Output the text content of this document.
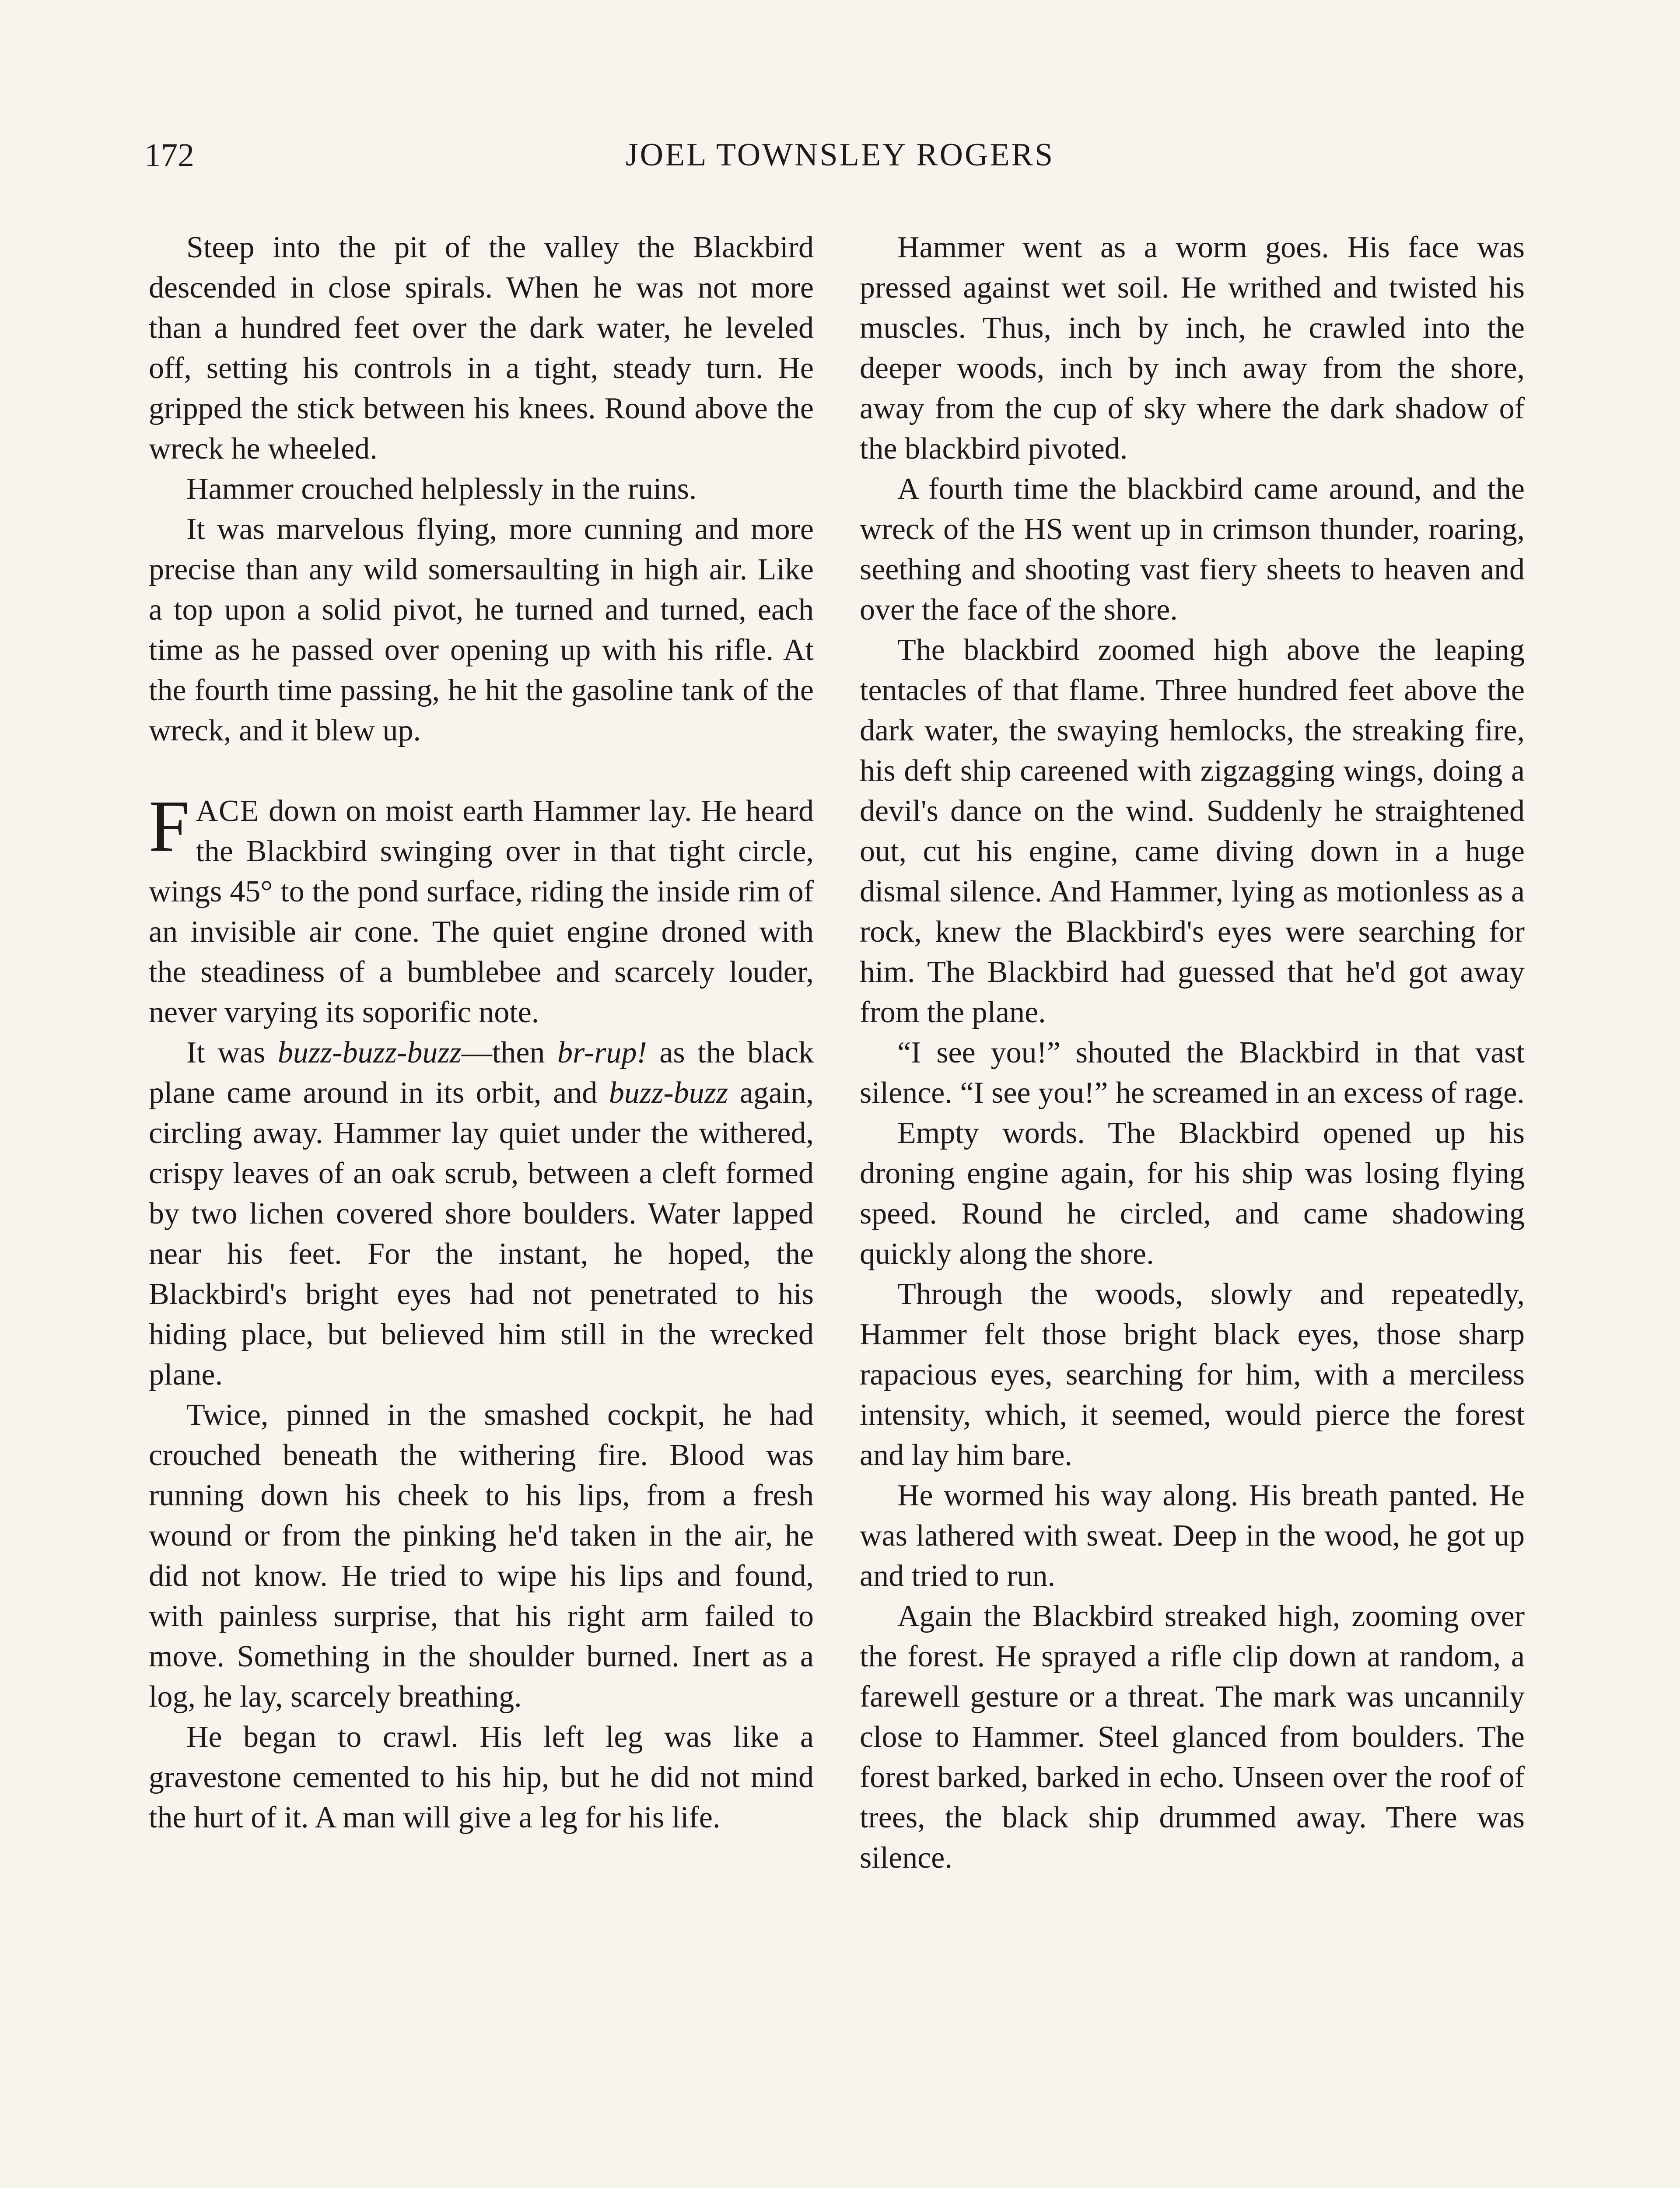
172	JOEL TOWNSLEY ROGERS

Steep into the pit of the valley the Blackbird descended in close spirals. When he was not more than a hundred feet over the dark water, he leveled off, setting his controls in a tight, steady turn. He gripped the stick between his knees. Round above the wreck he wheeled.

Hammer crouched helplessly in the ruins.

It was marvelous flying, more cunning and more precise than any wild somersaulting in high air. Like a top upon a solid pivot, he turned and turned, each time as he passed over opening up with his rifle. At the fourth time passing, he hit the gasoline tank of the wreck, and it blew up.

FACE down on moist earth Hammer lay. He heard the Blackbird swinging over in that tight circle, wings 45° to the pond surface, riding the inside rim of an invisible air cone. The quiet engine droned with the steadiness of a bumblebee and scarcely louder, never varying its soporific note.

It was buzz-buzz-buzz—then br-rup! as the black plane came around in its orbit, and buzz-buzz again, circling away. Hammer lay quiet under the withered, crispy leaves of an oak scrub, between a cleft formed by two lichen covered shore boulders. Water lapped near his feet. For the instant, he hoped, the Blackbird's bright eyes had not penetrated to his hiding place, but believed him still in the wrecked plane.

Twice, pinned in the smashed cockpit, he had crouched beneath the withering fire. Blood was running down his cheek to his lips, from a fresh wound or from the pinking he'd taken in the air, he did not know. He tried to wipe his lips and found, with painless surprise, that his right arm failed to move. Something in the shoulder burned. Inert as a log, he lay, scarcely breathing.

He began to crawl. His left leg was like a gravestone cemented to his hip, but he did not mind the hurt of it. A man will give a leg for his life.

Hammer went as a worm goes. His face was pressed against wet soil. He writhed and twisted his muscles. Thus, inch by inch, he crawled into the deeper woods, inch by inch away from the shore, away from the cup of sky where the dark shadow of the blackbird pivoted.

A fourth time the blackbird came around, and the wreck of the HS went up in crimson thunder, roaring, seething and shooting vast fiery sheets to heaven and over the face of the shore.

The blackbird zoomed high above the leaping tentacles of that flame. Three hundred feet above the dark water, the swaying hemlocks, the streaking fire, his deft ship careened with zigzagging wings, doing a devil's dance on the wind. Suddenly he straightened out, cut his engine, came diving down in a huge dismal silence. And Hammer, lying as motionless as a rock, knew the Blackbird's eyes were searching for him. The Blackbird had guessed that he'd got away from the plane.

“I see you!” shouted the Blackbird in that vast silence. “I see you!” he screamed in an excess of rage.

Empty words. The Blackbird opened up his droning engine again, for his ship was losing flying speed. Round he circled, and came shadowing quickly along the shore.

Through the woods, slowly and repeatedly, Hammer felt those bright black eyes, those sharp rapacious eyes, searching for him, with a merciless intensity, which, it seemed, would pierce the forest and lay him bare.

He wormed his way along. His breath panted. He was lathered with sweat. Deep in the wood, he got up and tried to run.

Again the Blackbird streaked high, zooming over the forest. He sprayed a rifle clip down at random, a farewell gesture or a threat. The mark was uncannily close to Hammer. Steel glanced from boulders. The forest barked, barked in echo. Unseen over the roof of trees, the black ship drummed away. There was silence.
